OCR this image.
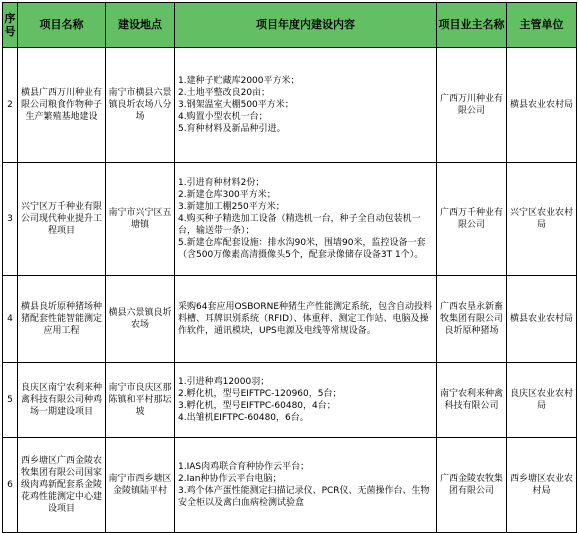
序
号	项目名称	建设地点	项目年度内建设内容	项目业主名称	主管单位
2	横县广西万川种业有限公司粮食作物种子生产繁殖基地建设	南宁市横县六景镇良圻农场八分场	1.建种子贮藏库2000平方米；
2.土地平整改良20亩；
3.钢架温室大棚500平方米；
4.购置小型农机一台；
5.育种材料及新品种引进。	广西万川种业有限公司	横县农业农村局
3	兴宁区万千种业有限公司现代种业提升工程项目	南宁市兴宁区五塘镇	1.引进育种材料2份；
2.新建仓库300平方米；
3.新建加工棚250平方米；
4.购买种子精选加工设备（精选机一台，种子全自动包装机一台，输送带一条）；
5.新建仓库配套设施：排水沟90米，围墙90米，监控设备一套（含500万像素高清摄像头5个，配套录像储存设备3T 1个）。	广西万千种业有限公司	兴宁区农业农村局
4	横县良圻原种猪场种猪配套性能智能测定应用工程	横县六景镇良圻农场	采购64套应用OSBORNE种猪生产性能测定系统，包含自动投料料槽、耳牌识别系统（RFID）、体重秤、测定工作站、电脑及操作软件，通讯模块，UPS电源及电线等常规设备。	广西农垦永新畜牧集团有限公司良圻原种猪场	横县农业农村局
5	良庆区南宁农利来种禽科技有限公司种鸡场一期建设项目	南宁市良庆区那陈镇和平村那坛坡	1.引进种鸡12000羽；
2.孵化机，型号EIFTPC-120960，5台；
3.孵化机，型号EIFTPC-60480，4台；
4.出雏机EIFTPC-60480，6台。	南宁农利来种禽科技有限公司	良庆区农业农村局
6	西乡塘区广西金陵农牧集团有限公司国家级肉鸡新配套系金陵花鸡性能测定中心建设项目	南宁市西乡塘区金陵镇陆平村	1.IAS肉鸡联合育种协作云平台；
2.Ian种协作云平台电脑；
3.鸡个体产蛋性能测定扫描记录仪、PCR仪、无菌操作台、生物安全柜以及禽白血病检测试验盒	广西金陵农牧集团有限公司	西乡塘区农业农村局
